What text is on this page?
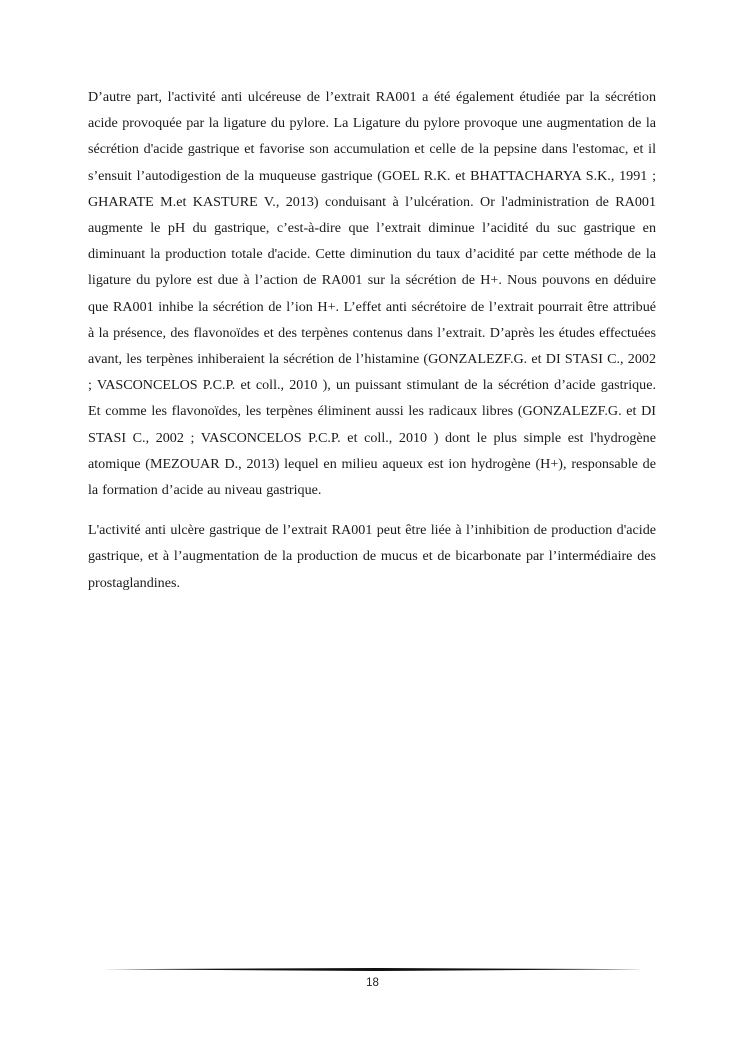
D’autre part, l'activité anti ulcéreuse de l’extrait RA001 a été également étudiée par la sécrétion acide provoquée par la ligature du pylore. La Ligature du pylore provoque une augmentation de la sécrétion d'acide gastrique et favorise son accumulation et celle de la pepsine dans l'estomac, et il s’ensuit l’autodigestion de la muqueuse gastrique (GOEL R.K. et BHATTACHARYA S.K., 1991 ; GHARATE M.et KASTURE V., 2013) conduisant à l’ulcération. Or l'administration de RA001 augmente le pH du gastrique, c’est-à-dire que l’extrait diminue l’acidité du suc gastrique en diminuant la production totale d'acide. Cette diminution du taux d’acidité par cette méthode de la ligature du pylore est due à l’action de RA001 sur la sécrétion de H+. Nous pouvons en déduire que RA001 inhibe la sécrétion de l’ion H+. L’effet anti sécrétoire de l’extrait pourrait être attribué à la présence, des flavonoïdes et des terpènes contenus dans l’extrait. D’après les études effectuées avant, les terpènes inhiberaient la sécrétion de l’histamine (GONZALEZF.G. et DI STASI C., 2002 ; VASCONCELOS P.C.P. et coll., 2010 ), un puissant stimulant de la sécrétion d’acide gastrique. Et comme les flavonoïdes, les terpènes éliminent aussi les radicaux libres (GONZALEZF.G. et DI STASI C., 2002 ; VASCONCELOS P.C.P. et coll., 2010 ) dont le plus simple est l'hydrogène atomique (MEZOUAR D., 2013) lequel en milieu aqueux est ion hydrogène (H+), responsable de la formation d’acide au niveau gastrique.

L'activité anti ulcère gastrique de l’extrait RA001 peut être liée à l’inhibition de production d'acide gastrique, et à l’augmentation de la production de mucus et de bicarbonate par l’intermédiaire des prostaglandines.

18
